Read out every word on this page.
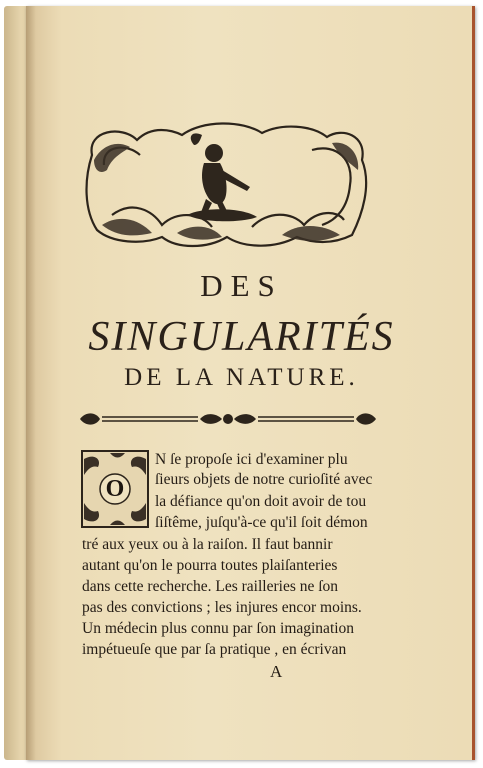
DES
SINGULARITÉS
DE LA NATURE.
O
N ſe propoſe ici d'examiner plu
ſieurs objets de notre curioſité avec
la défiance qu'on doit avoir de tou
ſiſtême, juſqu'à-ce qu'il ſoit démon
tré aux yeux ou à la raiſon. Il faut bannir
autant qu'on le pourra toutes plaiſanteries
dans cette recherche. Les railleries ne ſon
pas des convictions ; les injures encor moins.
Un médecin plus connu par ſon imagination
impétueuſe que par ſa pratique , en écrivan
A
